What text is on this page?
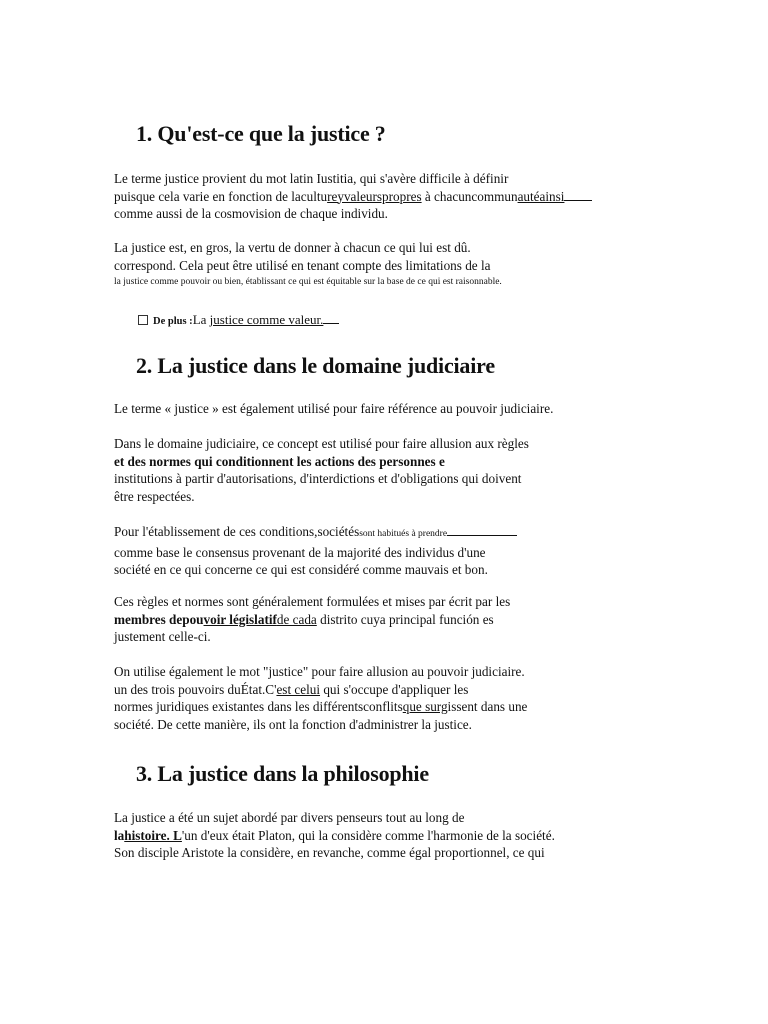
1. Qu'est-ce que la justice ?
Le terme justice provient du mot latin Iustitia, qui s'avère difficile à définir
puisque cela varie en fonction de lacultureyvaleurspropres à chacuncommunautéainsi
comme aussi de la cosmovision de chaque individu.
La justice est, en gros, la vertu de donner à chacun ce qui lui est dû.
correspond. Cela peut être utilisé en tenant compte des limitations de la
la justice comme pouvoir ou bien, établissant ce qui est équitable sur la base de ce qui est raisonnable.
De plus :La justice comme valeur.
2. La justice dans le domaine judiciaire
Le terme « justice » est également utilisé pour faire référence au pouvoir judiciaire.
Dans le domaine judiciaire, ce concept est utilisé pour faire allusion aux règles
et des normes qui conditionnent les actions des personnes e
institutions à partir d'autorisations, d'interdictions et d'obligations qui doivent
être respectées.
Pour l'établissement de ces conditions,sociétéssont habitués à prendre
comme base le consensus provenant de la majorité des individus d'une
société en ce qui concerne ce qui est considéré comme mauvais et bon.
Ces règles et normes sont généralement formulées et mises par écrit par les
membres depouvoir législatifde cada distrito cuya principal función es
justement celle-ci.
On utilise également le mot "justice" pour faire allusion au pouvoir judiciaire.
un des trois pouvoirs duÉtat.C'est celui qui s'occupe d'appliquer les
normes juridiques existantes dans les différentsconflitsque surgissent dans une
société. De cette manière, ils ont la fonction d'administrer la justice.
3. La justice dans la philosophie
La justice a été un sujet abordé par divers penseurs tout au long de
lahistoire. L'un d'eux était Platon, qui la considère comme l'harmonie de la société.
Son disciple Aristote la considère, en revanche, comme égal proportionnel, ce qui
